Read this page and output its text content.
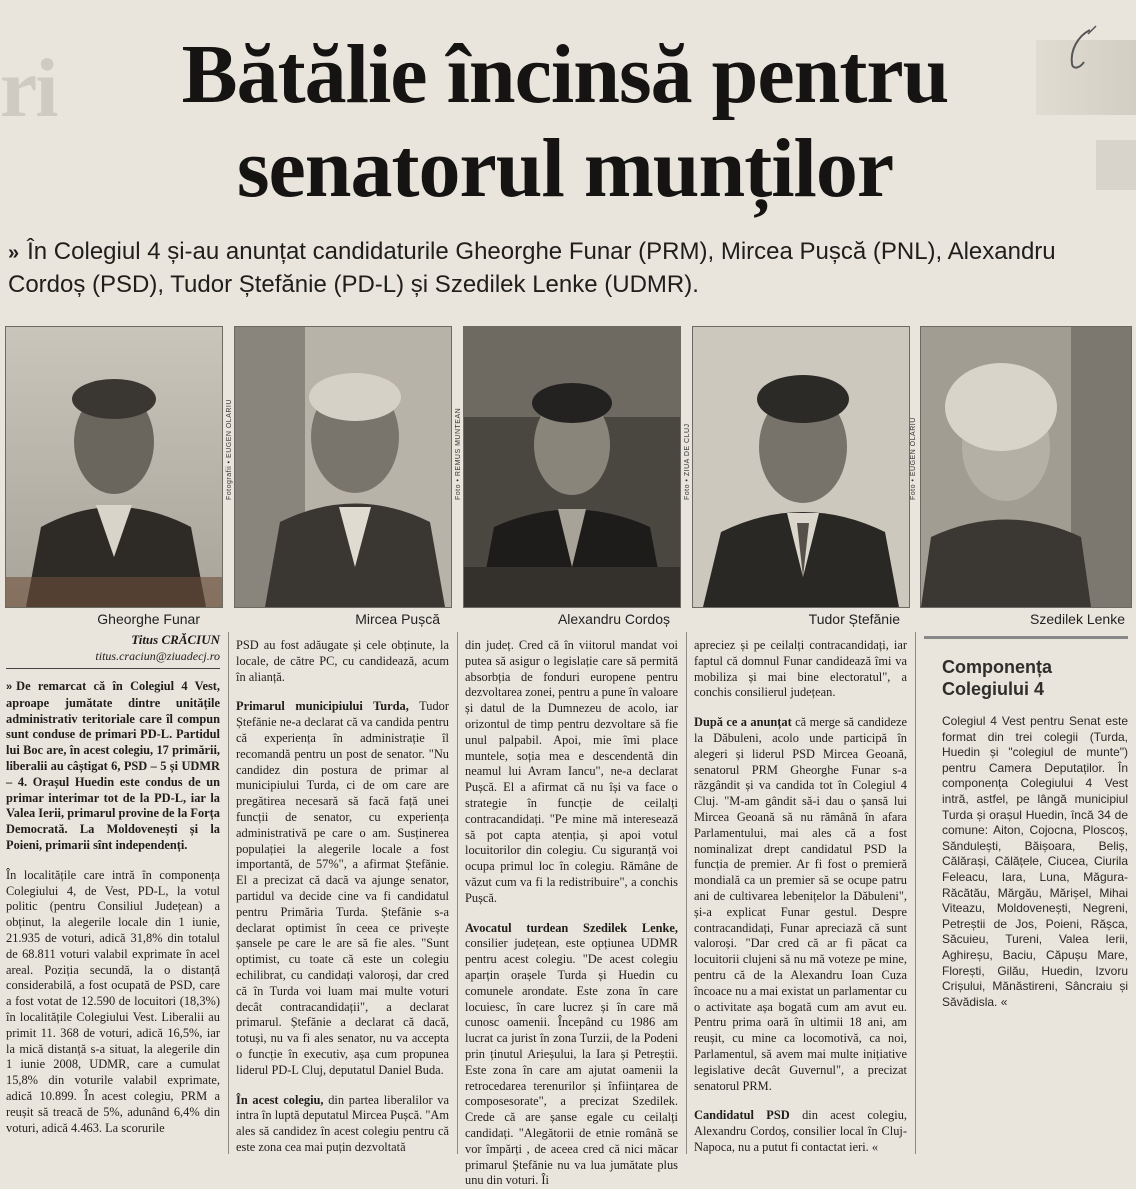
ri	Bătălie încinsă pentru
senatorul munților
» În Colegiul 4 și-au anunțat candidaturile Gheorghe Funar (PRM), Mircea Pușcă (PNL), Alexandru Cordoș (PSD), Tudor Ștefănie (PD-L) și Szedilek Lenke (UDMR).
Gheorghe Funar
Fotografii • EUGEN OLARIU
Mircea Pușcă
Foto • REMUS MUNTEAN
Alexandru Cordoș
Foto • ZIUA DE CLUJ
Tudor Ștefănie
Foto • EUGEN OLARIU
Szedilek Lenke
Titus CRĂCIUN
titus.craciun@ziuadecj.ro

» De remarcat că în Colegiul 4 Vest, aproape jumătate dintre unitățile administrativ teritoriale care îl compun sunt conduse de primari PD-L. Partidul lui Boc are, în acest colegiu, 17 primării, liberalii au câștigat 6, PSD – 5 și UDMR – 4. Orașul Huedin este condus de un primar interimar tot de la PD-L, iar la Valea Ierii, primarul provine de la Forța Democrată. La Moldovenești și la Poieni, primarii sînt independenți.

În localitățile care intră în componența Colegiului 4, de Vest, PD-L, la votul politic (pentru Consiliul Județean) a obținut, la alegerile locale din 1 iunie, 21.935 de voturi, adică 31,8% din totalul de 68.811 voturi valabil exprimate în acel areal. Poziția secundă, la o distanță considerabilă, a fost ocupată de PSD, care a fost votat de 12.590 de locuitori (18,3%) în localitățile Colegiului Vest. Liberalii au primit 11. 368 de voturi, adică 16,5%, iar la mică distanță s-a situat, la alegerile din 1 iunie 2008, UDMR, care a cumulat 15,8% din voturile valabil exprimate, adică 10.899. În acest colegiu, PRM a reușit să treacă de 5%, adunând 6,4% din voturi, adică 4.463. La scorurile

PSD au fost adăugate și cele obținute, la locale, de către PC, cu candidează, acum în alianță.

Primarul municipiului Turda, Tudor Ștefănie ne-a declarat că va candida pentru că experiența în administrație îl recomandă pentru un post de senator. "Nu candidez din postura de primar al municipiului Turda, ci de om care are pregătirea necesară să facă față unei funcții de senator, cu experiența administrativă pe care o am. Susținerea populației la alegerile locale a fost importantă, de 57%", a afirmat Ștefănie. El a precizat că dacă va ajunge senator, partidul va decide cine va fi candidatul pentru Primăria Turda. Ștefănie s-a declarat optimist în ceea ce privește șansele pe care le are să fie ales. "Sunt optimist, cu toate că este un colegiu echilibrat, cu candidați valoroși, dar cred că în Turda voi luam mai multe voturi decât contracandidații", a declarat primarul. Ștefănie a declarat că dacă, totuși, nu va fi ales senator, nu va accepta o funcție în executiv, așa cum propunea liderul PD-L Cluj, deputatul Daniel Buda.

În acest colegiu, din partea liberalilor va intra în luptă deputatul Mircea Pușcă. "Am ales să candidez în acest colegiu pentru că este zona cea mai puțin dezvoltată

din județ. Cred că în viitorul mandat voi putea să asigur o legislație care să permită absorbția de fonduri europene pentru dezvoltarea zonei, pentru a pune în valoare și datul de la Dumnezeu de acolo, iar orizontul de timp pentru dezvoltare să fie unul palpabil. Apoi, mie îmi place muntele, soția mea e descendentă din neamul lui Avram Iancu", ne-a declarat Pușcă. El a afirmat că nu își va face o strategie în funcție de ceilalți contracandidați. "Pe mine mă interesează să pot capta atenția, și apoi votul locuitorilor din colegiu. Cu siguranță voi ocupa primul loc în colegiu. Rămâne de văzut cum va fi la redistribuire", a conchis Pușcă.

Avocatul turdean Szedilek Lenke, consilier județean, este opțiunea UDMR pentru acest colegiu. "De acest colegiu aparțin orașele Turda și Huedin cu comunele arondate. Este zona în care locuiesc, în care lucrez și în care mă cunosc oamenii. Începând cu 1986 am lucrat ca jurist în zona Turzii, de la Podeni prin ținutul Arieșului, la Iara și Petreștii. Este zona în care am ajutat oamenii la retrocedarea terenurilor și înființarea de composesorate", a precizat Szedilek. Crede că are șanse egale cu ceilalți candidați. "Alegătorii de etnie română se vor împărți , de aceea cred că nici măcar primarul Ștefănie nu va lua jumătate plus unu din voturi. Îi

apreciez și pe ceilalți contracandidați, iar faptul că domnul Funar candidează îmi va mobiliza și mai bine electoratul", a conchis consilierul județean.

După ce a anunțat că merge să candideze la Dăbuleni, acolo unde participă în alegeri și liderul PSD Mircea Geoană, senatorul PRM Gheorghe Funar s-a răzgândit și va candida tot în Colegiul 4 Cluj. "M-am gândit să-i dau o șansă lui Mircea Geoană să nu rămână în afara Parlamentului, mai ales că a fost nominalizat drept candidatul PSD la funcția de premier. Ar fi fost o premieră mondială ca un premier să se ocupe patru ani de cultivarea lebenițelor la Dăbuleni", și-a explicat Funar gestul. Despre contracandidați, Funar apreciază că sunt valoroși. "Dar cred că ar fi păcat ca locuitorii clujeni să nu mă voteze pe mine, pentru că de la Alexandru Ioan Cuza încoace nu a mai existat un parlamentar cu o activitate așa bogată cum am avut eu. Pentru prima oară în ultimii 18 ani, am reușit, cu mine ca locomotivă, ca noi, Parlamentul, să avem mai multe inițiative legislative decât Guvernul", a precizat senatorul PRM.

Candidatul PSD din acest colegiu, Alexandru Cordoș, consilier local în Cluj-Napoca, nu a putut fi contactat ieri. «

Componența Colegiului 4
Colegiul 4 Vest pentru Senat este format din trei colegii (Turda, Huedin și "colegiul de munte") pentru Camera Deputaților. În componența Colegiului 4 Vest intră, astfel, pe lângă municipiul Turda și orașul Huedin, încă 34 de comune: Aiton, Cojocna, Ploscoș, Săndulești, Băișoara, Beliș, Călărași, Călățele, Ciucea, Ciurila Feleacu, Iara, Luna, Măgura-Răcătău, Mărgău, Mărișel, Mihai Viteazu, Moldovenești, Negreni, Petreștii de Jos, Poieni, Rășca, Săcuieu, Tureni, Valea Ierii, Aghireșu, Baciu, Căpușu Mare, Florești, Gilău, Huedin, Izvoru Crișului, Mănăstireni, Sâncraiu și Săvădisla. «
